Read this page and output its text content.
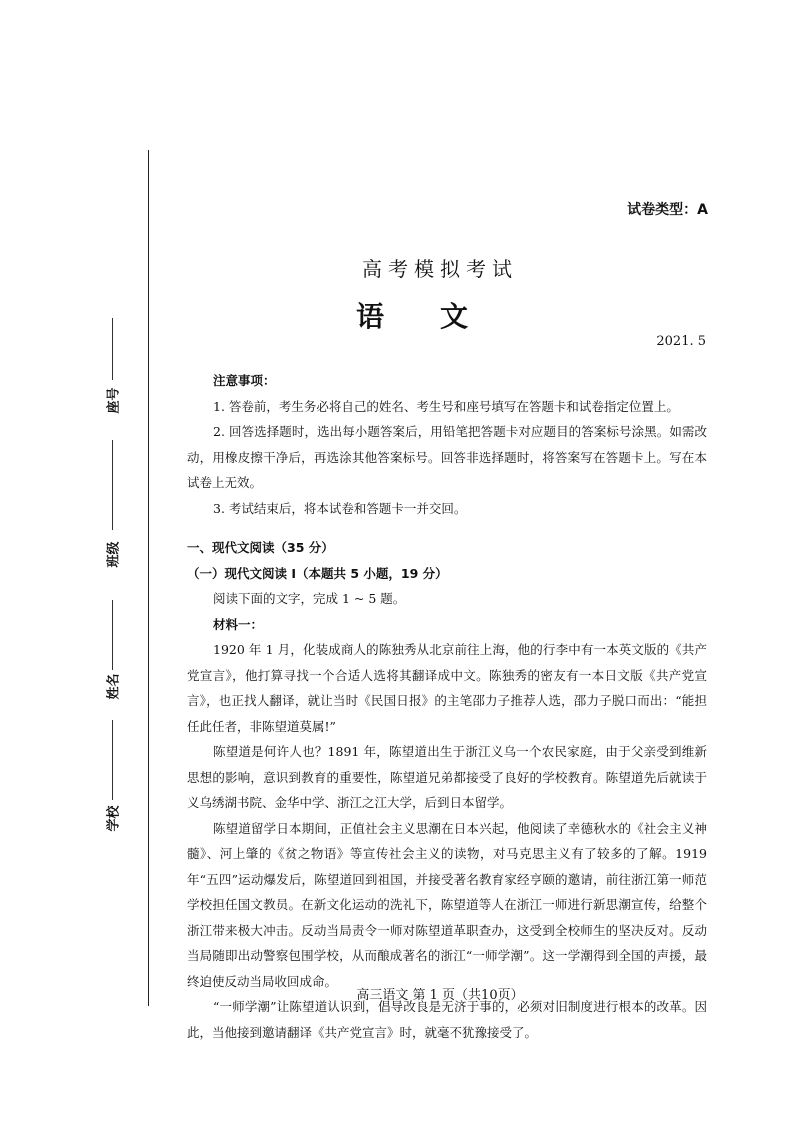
座号
班级
姓名
学校
试卷类型：A
高考模拟考试
语文
2021. 5
注意事项：

1. 答卷前，考生务必将自己的姓名、考生号和座号填写在答题卡和试卷指定位置上。

2. 回答选择题时，选出每小题答案后，用铅笔把答题卡对应题目的答案标号涂黑。如需改动，用橡皮擦干净后，再选涂其他答案标号。回答非选择题时，将答案写在答题卡上。写在本试卷上无效。

3. 考试结束后，将本试卷和答题卡一并交回。

一、现代文阅读（35 分）
（一）现代文阅读 I（本题共 5 小题，19 分）

阅读下面的文字，完成 1 ~ 5 题。

材料一：

1920 年 1 月，化装成商人的陈独秀从北京前往上海，他的行李中有一本英文版的《共产党宣言》，他打算寻找一个合适人选将其翻译成中文。陈独秀的密友有一本日文版《共产党宣言》，也正找人翻译，就让当时《民国日报》的主笔邵力子推荐人选，邵力子脱口而出：“能担任此任者，非陈望道莫属!”

陈望道是何许人也？1891 年，陈望道出生于浙江义乌一个农民家庭，由于父亲受到维新思想的影响，意识到教育的重要性，陈望道兄弟都接受了良好的学校教育。陈望道先后就读于义乌绣湖书院、金华中学、浙江之江大学，后到日本留学。

陈望道留学日本期间，正值社会主义思潮在日本兴起，他阅读了幸德秋水的《社会主义神髓》、河上肇的《贫之物语》等宣传社会主义的读物，对马克思主义有了较多的了解。1919 年“五四”运动爆发后，陈望道回到祖国，并接受著名教育家经亨颐的邀请，前往浙江第一师范学校担任国文教员。在新文化运动的洗礼下，陈望道等人在浙江一师进行新思潮宣传，给整个浙江带来极大冲击。反动当局责令一师对陈望道革职查办，这受到全校师生的坚决反对。反动当局随即出动警察包围学校，从而酿成著名的浙江“一师学潮”。这一学潮得到全国的声援，最终迫使反动当局收回成命。

“一师学潮”让陈望道认识到，倡导改良是无济于事的，必须对旧制度进行根本的改革。因此，当他接到邀请翻译《共产党宣言》时，就毫不犹豫接受了。

高三语文 第 1 页（共10页）
